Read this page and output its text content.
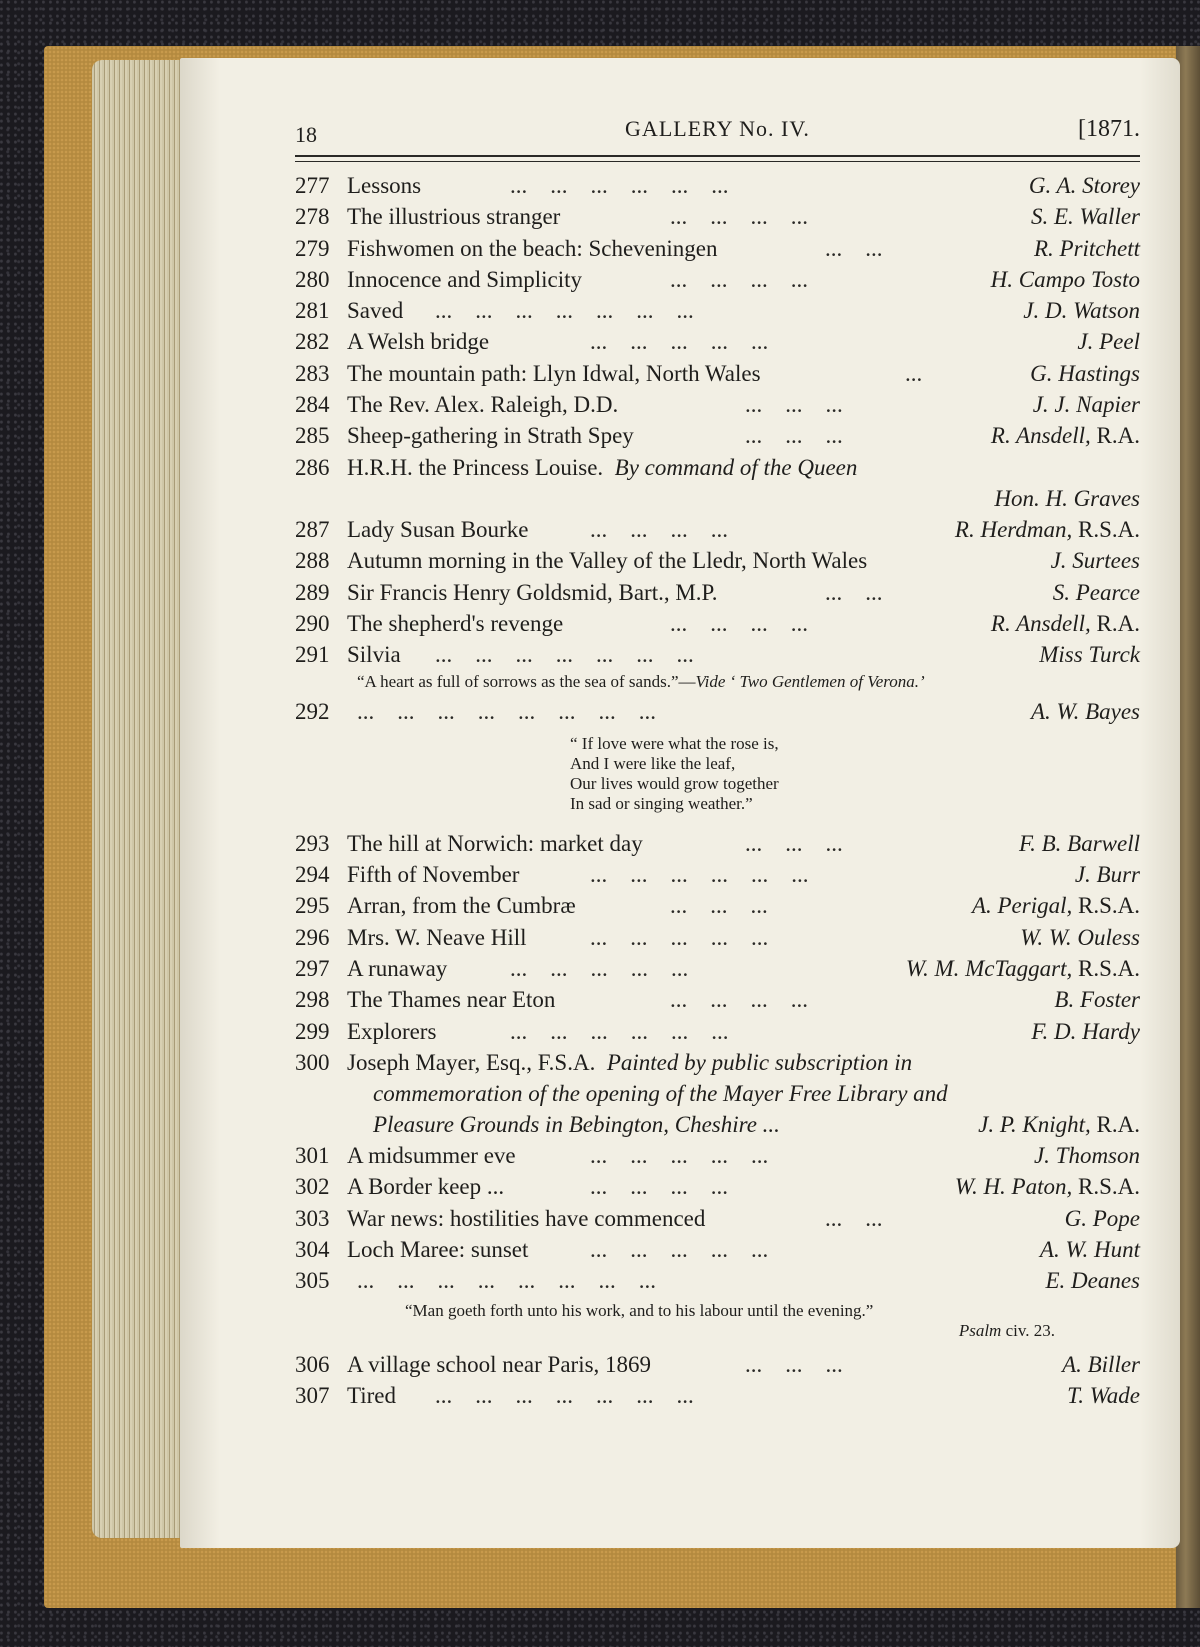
18	GALLERY No. IV.	[1871.
277 Lessons	...    ...    ...    ...    ...    ...	G. A. Storey
278 The illustrious stranger	...    ...    ...    ...	S. E. Waller
279 Fishwomen on the beach: Scheveningen	...    ...	R. Pritchett
280 Innocence and Simplicity	...    ...    ...    ...	H. Campo Tosto
281 Saved ...    ...    ...    ...    ...    ...    ...	J. D. Watson
282 A Welsh bridge	...    ...    ...    ...    ...	J. Peel
283 The mountain path: Llyn Idwal, North Wales	...	G. Hastings
284 The Rev. Alex. Raleigh, D.D.	...    ...    ...	J. J. Napier
285 Sheep-gathering in Strath Spey	...    ...    ...	R. Ansdell, R.A.
286 H.R.H. the Princess Louise. By command of the Queen
Hon. H. Graves
287 Lady Susan Bourke	...    ...    ...    ...	R. Herdman, R.S.A.
288 Autumn morning in the Valley of the Lledr, North Wales	J. Surtees
289 Sir Francis Henry Goldsmid, Bart., M.P.	...    ...	S. Pearce
290 The shepherd's revenge	...    ...    ...    ...	R. Ansdell, R.A.
291 Silvia ...    ...    ...    ...    ...    ...    ...	Miss Turck
“A heart as full of sorrows as the sea of sands.”—Vide ‘ Two Gentlemen of Verona.’
292	...    ...    ...    ...    ...    ...    ...    ...	A. W. Bayes
“ If love were what the rose is,
And I were like the leaf,
Our lives would grow together
In sad or singing weather.”
293 The hill at Norwich: market day	...    ...    ...	F. B. Barwell
294 Fifth of November	...    ...    ...    ...    ...    ...	J. Burr
295 Arran, from the Cumbræ	...    ...    ...	A. Perigal, R.S.A.
296 Mrs. W. Neave Hill	...    ...    ...    ...    ...	W. W. Ouless
297 A runaway	...    ...    ...    ...    ...	W. M. McTaggart, R.S.A.
298 The Thames near Eton	...    ...    ...    ...	B. Foster
299 Explorers	...    ...    ...    ...    ...    ...	F. D. Hardy
300 Joseph Mayer, Esq., F.S.A. Painted by public subscription in
commemoration of the opening of the Mayer Free Library and
Pleasure Grounds in Bebington, Cheshire ...	J. P. Knight, R.A.
301 A midsummer eve	...    ...    ...    ...    ...	J. Thomson
302 A Border keep ...	...    ...    ...    ...	W. H. Paton, R.S.A.
303 War news: hostilities have commenced	...    ...	G. Pope
304 Loch Maree: sunset	...    ...    ...    ...    ...	A. W. Hunt
305	...    ...    ...    ...    ...    ...    ...    ...	E. Deanes
“Man goeth forth unto his work, and to his labour until the evening.”
Psalm civ. 23.
306 A village school near Paris, 1869	...    ...    ...	A. Biller
307 Tired ...    ...    ...    ...    ...    ...    ...	T. Wade
